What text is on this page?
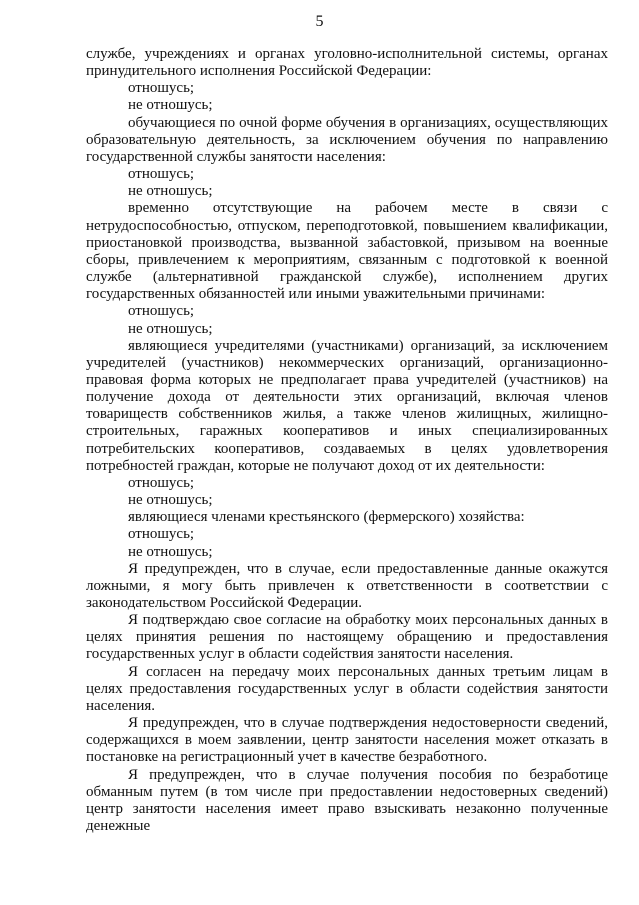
5

службе, учреждениях и органах уголовно-исполнительной системы, органах принудительного исполнения Российской Федерации:

отношусь;

не отношусь;

обучающиеся по очной форме обучения в организациях, осуществляющих образовательную деятельность, за исключением обучения по направлению государственной службы занятости населения:

отношусь;

не отношусь;

временно отсутствующие на рабочем месте в связи с нетрудоспособностью, отпуском, переподготовкой, повышением квалификации, приостановкой производства, вызванной забастовкой, призывом на военные сборы, привлечением к мероприятиям, связанным с подготовкой к военной службе (альтернативной гражданской службе), исполнением других государственных обязанностей или иными уважительными причинами:

отношусь;

не отношусь;

являющиеся учредителями (участниками) организаций, за исключением учредителей (участников) некоммерческих организаций, организационно-правовая форма которых не предполагает права учредителей (участников) на получение дохода от деятельности этих организаций, включая членов товариществ собственников жилья, а также членов жилищных, жилищно-строительных, гаражных кооперативов и иных специализированных потребительских кооперативов, создаваемых в целях удовлетворения потребностей граждан, которые не получают доход от их деятельности:

отношусь;

не отношусь;

являющиеся членами крестьянского (фермерского) хозяйства:

отношусь;

не отношусь;

Я предупрежден, что в случае, если предоставленные данные окажутся ложными, я могу быть привлечен к ответственности в соответствии с законодательством Российской Федерации.

Я подтверждаю свое согласие на обработку моих персональных данных в целях принятия решения по настоящему обращению и предоставления государственных услуг в области содействия занятости населения.

Я согласен на передачу моих персональных данных третьим лицам в целях предоставления государственных услуг в области содействия занятости населения.

Я предупрежден, что в случае подтверждения недостоверности сведений, содержащихся в моем заявлении, центр занятости населения может отказать в постановке на регистрационный учет в качестве безработного.

Я предупрежден, что в случае получения пособия по безработице обманным путем (в том числе при предоставлении недостоверных сведений) центр занятости населения имеет право взыскивать незаконно полученные денежные
